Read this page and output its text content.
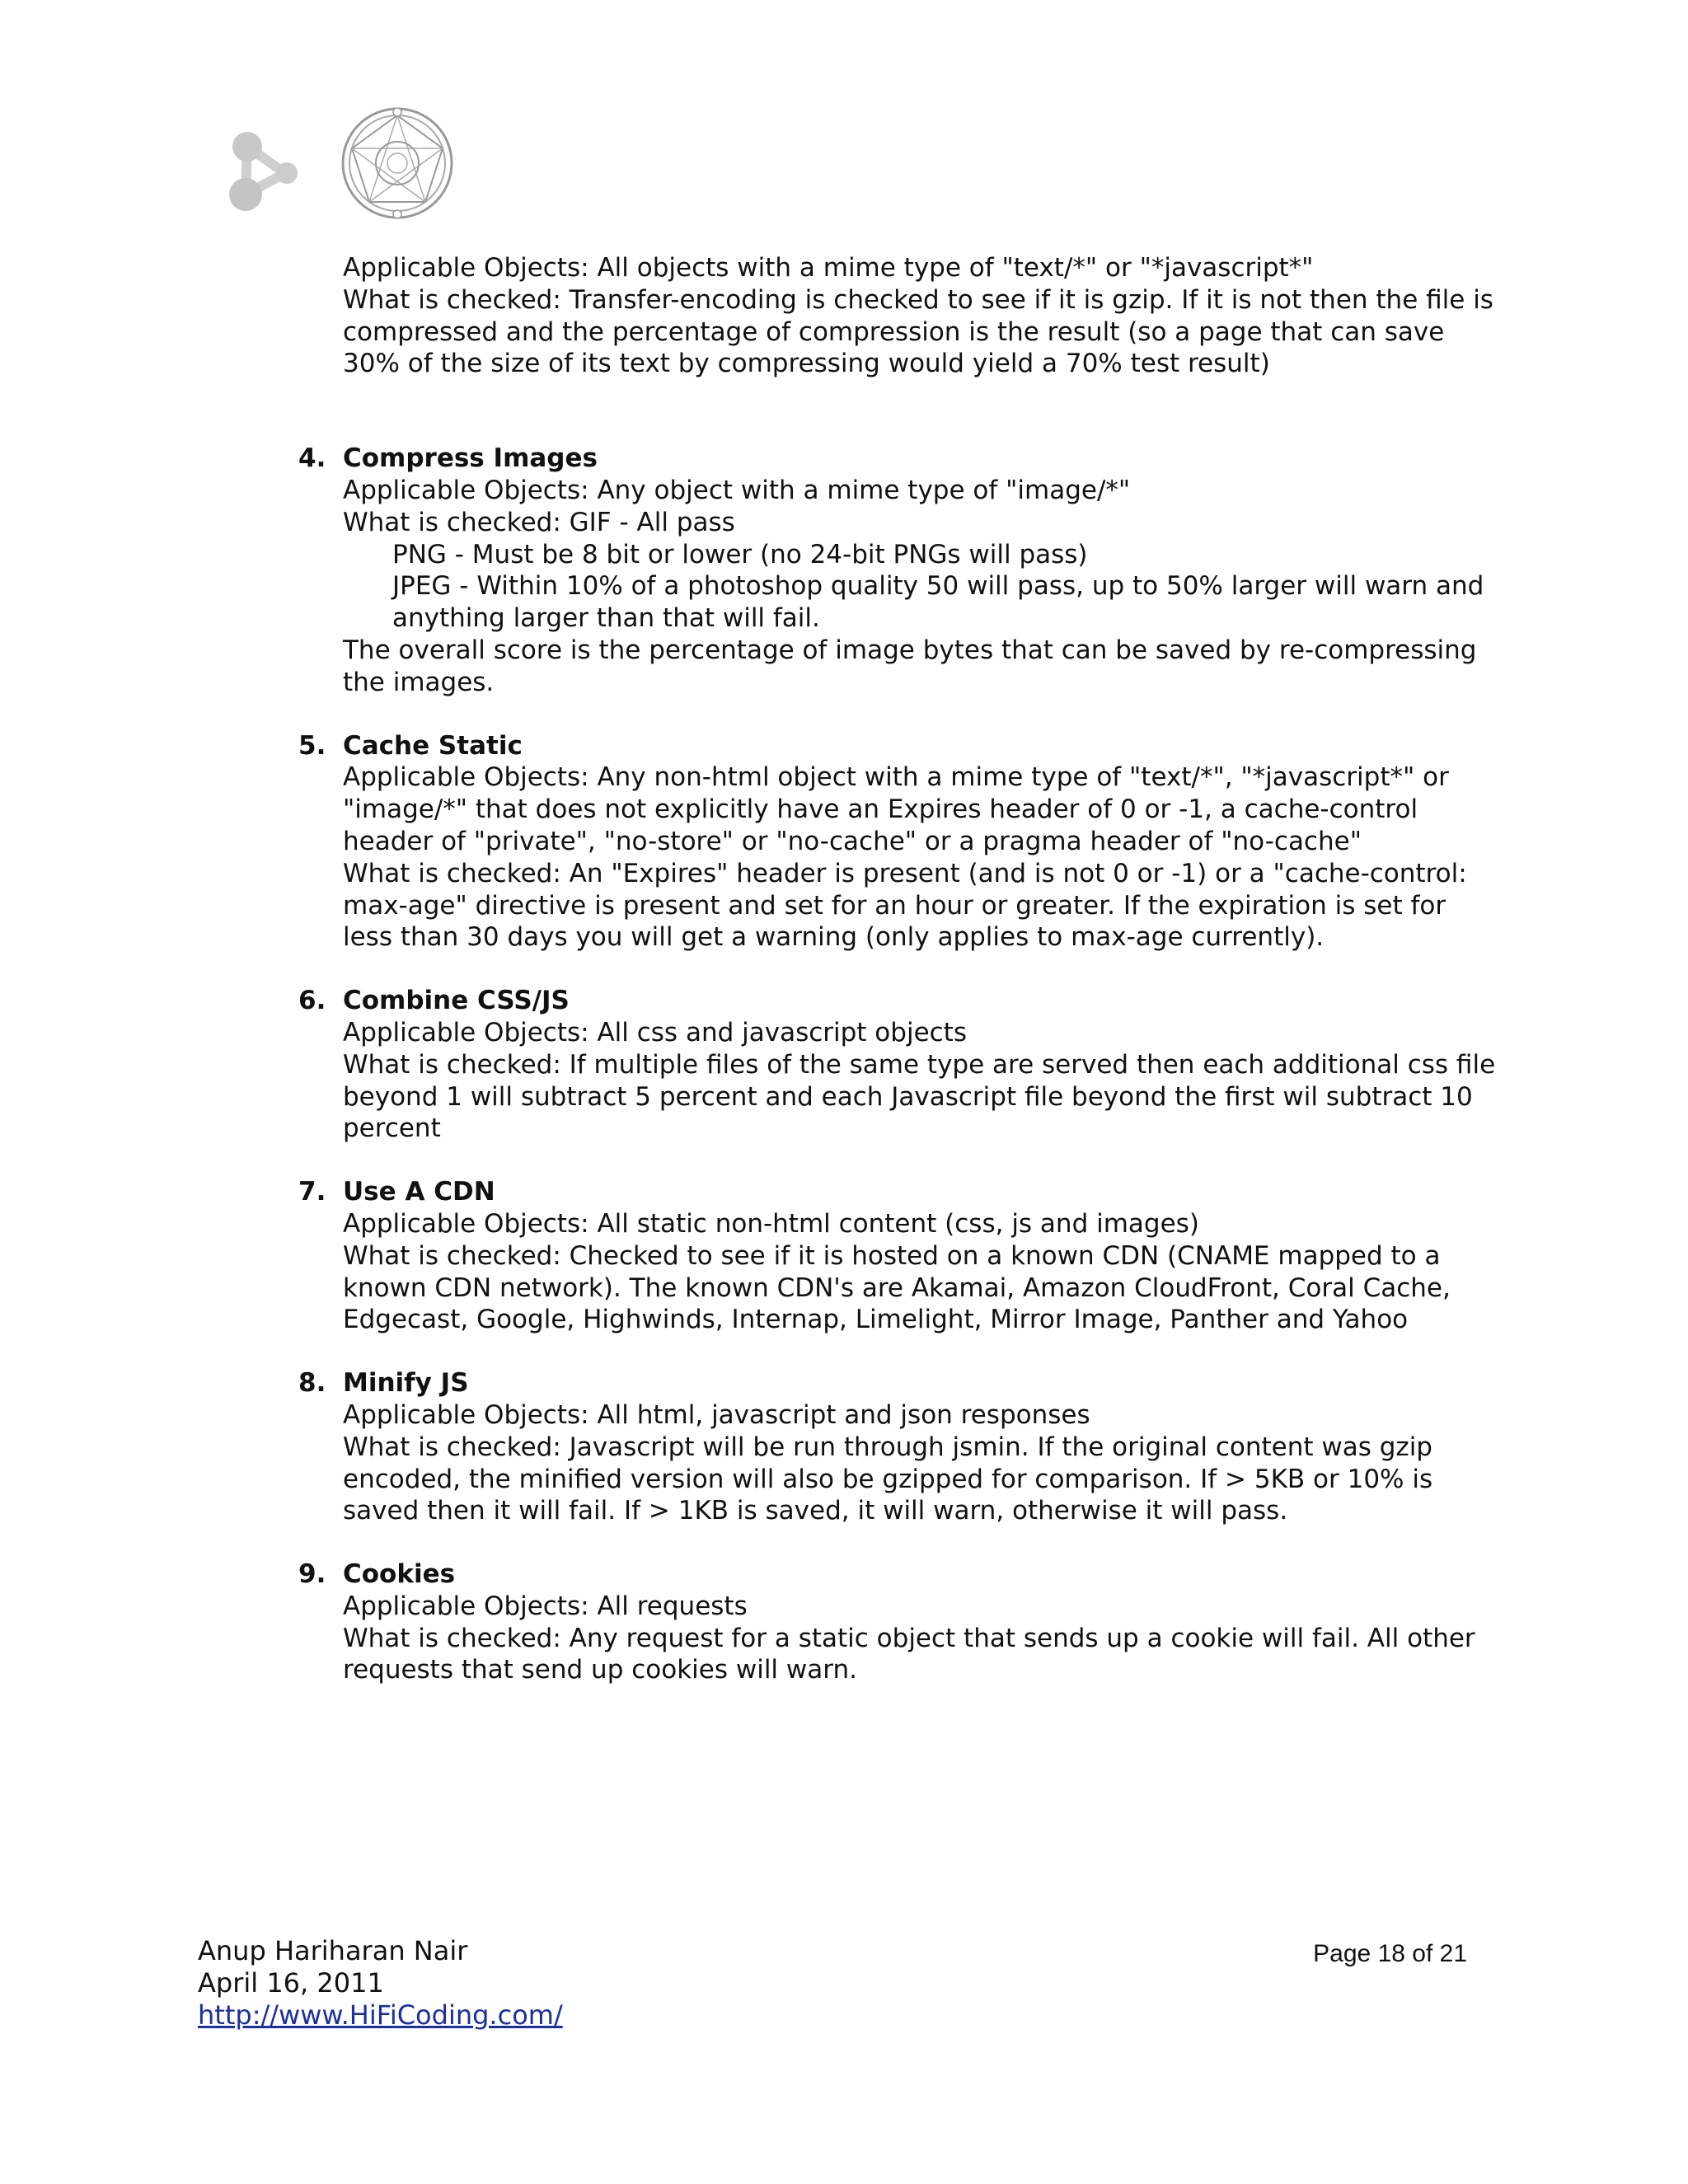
Applicable Objects: All objects with a mime type of "text/*" or "*javascript*"
What is checked: Transfer-encoding is checked to see if it is gzip. If it is not then the file is compressed and the percentage of compression is the result (so a page that can save 30% of the size of its text by compressing would yield a 70% test result)
4. Compress Images
Applicable Objects: Any object with a mime type of "image/*"
What is checked: GIF - All pass
PNG - Must be 8 bit or lower (no 24-bit PNGs will pass)
JPEG - Within 10% of a photoshop quality 50 will pass, up to 50% larger will warn and anything larger than that will fail.
The overall score is the percentage of image bytes that can be saved by re-compressing the images.
5. Cache Static
Applicable Objects: Any non-html object with a mime type of "text/*", "*javascript*" or "image/*" that does not explicitly have an Expires header of 0 or -1, a cache-control header of "private", "no-store" or "no-cache" or a pragma header of "no-cache"
What is checked: An "Expires" header is present (and is not 0 or -1) or a "cache-control: max-age" directive is present and set for an hour or greater. If the expiration is set for less than 30 days you will get a warning (only applies to max-age currently).
6. Combine CSS/JS
Applicable Objects: All css and javascript objects
What is checked: If multiple files of the same type are served then each additional css file beyond 1 will subtract 5 percent and each Javascript file beyond the first wil subtract 10 percent
7. Use A CDN
Applicable Objects: All static non-html content (css, js and images)
What is checked: Checked to see if it is hosted on a known CDN (CNAME mapped to a known CDN network). The known CDN's are Akamai, Amazon CloudFront, Coral Cache, Edgecast, Google, Highwinds, Internap, Limelight, Mirror Image, Panther and Yahoo
8. Minify JS
Applicable Objects: All html, javascript and json responses
What is checked: Javascript will be run through jsmin. If the original content was gzip encoded, the minified version will also be gzipped for comparison. If > 5KB or 10% is saved then it will fail. If > 1KB is saved, it will warn, otherwise it will pass.
9. Cookies
Applicable Objects: All requests
What is checked: Any request for a static object that sends up a cookie will fail. All other requests that send up cookies will warn.
Anup Hariharan Nair
April 16, 2011
http://www.HiFiCoding.com/
Page 18 of 21
